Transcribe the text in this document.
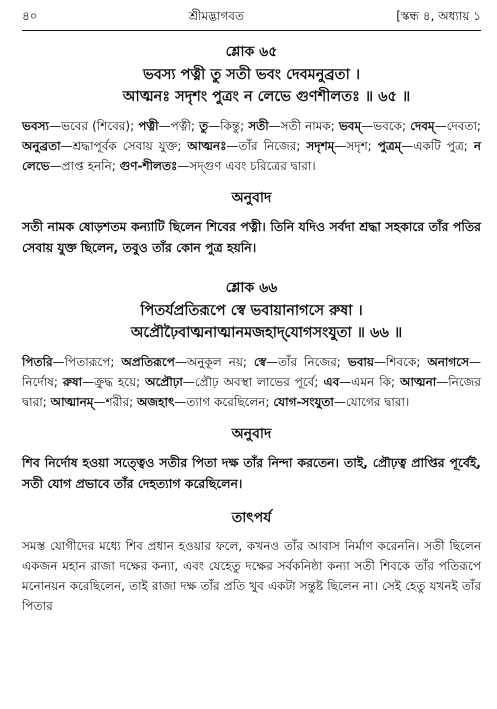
৪০	শ্রীমদ্ভাগবত	[স্কন্ধ ৪, অধ্যায় ১
শ্লোক ৬৫
ভবস্য পত্নী তু সতী ভবং দেবমনুব্রতা ।
আত্মনঃ সদৃশং পুত্রং ন লেভে গুণশীলতঃ ॥ ৬৫ ॥
ভবস্য—ভবের (শিবের); পত্নী—পত্নী; তু—কিন্তু; সতী—সতী নামক; ভবম্—ভবকে; দেবম্—দেবতা; অনুব্রতা—শ্রদ্ধাপূর্বক সেবায় যুক্ত; আত্মনঃ—তাঁর নিজের; সদৃশম্—সদৃশ; পুত্রম্—একটি পুত্র; ন লেভে—প্রাপ্ত হননি; গুণ-শীলতঃ—সদ্গুণ এবং চরিত্রের দ্বারা।
অনুবাদ
সতী নামক ষোড়শতম কন্যাটি ছিলেন শিবের পত্নী। তিনি যদিও সর্বদা শ্রদ্ধা সহকারে তাঁর পতির সেবায় যুক্ত ছিলেন, তবুও তাঁর কোন পুত্র হয়নি।
শ্লোক ৬৬
পিতর্যপ্রতিরূপে স্বে ভবায়ানাগসে রুষা ।
অপ্রৌঢ়ৈবাত্মনাত্মানমজহাদ্‌যোগসংযুতা ॥ ৬৬ ॥
পিতরি—পিতারূপে; অপ্রতিরূপে—অনুকূল নয়; স্বে—তাঁর নিজের; ভবায়—শিবকে; অনাগসে—নির্দোষ; রুষা—ক্রুদ্ধ হয়ে; অপ্রৌঢ়া—প্রৌঢ় অবস্থা লাভের পূর্বে; এব—এমন কি; আত্মনা—নিজের দ্বারা; আত্মানম্—শরীর; অজহাৎ—ত্যাগ করেছিলেন; যোগ-সংযুতা—যোগের দ্বারা।
অনুবাদ
শিব নির্দোষ হওয়া সত্ত্বেও সতীর পিতা দক্ষ তাঁর নিন্দা করতেন। তাই, প্রৌঢ়ত্ব প্রাপ্তির পূর্বেই, সতী যোগ প্রভাবে তাঁর দেহত্যাগ করেছিলেন।
তাৎপর্য
সমস্ত যোগীদের মধ্যে শিব প্রধান হওয়ার ফলে, কখনও তাঁর আবাস নির্মাণ করেননি। সতী ছিলেন একজন মহান রাজা দক্ষের কন্যা, এবং যেহেতু দক্ষের সর্বকনিষ্ঠা কন্যা সতী শিবকে তাঁর পতিরূপে মনোনয়ন করেছিলেন, তাই রাজা দক্ষ তাঁর প্রতি খুব একটা সন্তুষ্ট ছিলেন না। সেই হেতু যখনই তাঁর পিতার
